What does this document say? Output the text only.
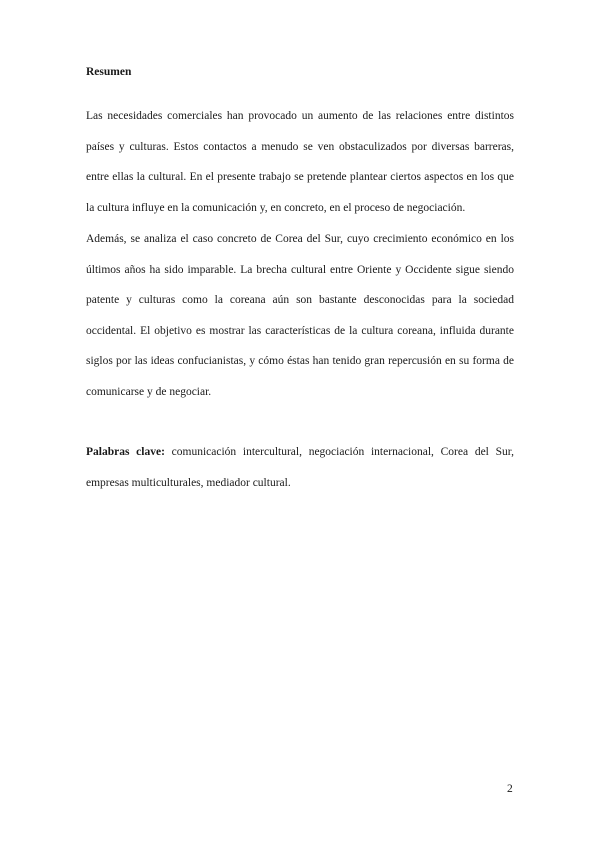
Resumen

Las necesidades comerciales han provocado un aumento de las relaciones entre distintos países y culturas. Estos contactos a menudo se ven obstaculizados por diversas barreras, entre ellas la cultural. En el presente trabajo se pretende plantear ciertos aspectos en los que la cultura influye en la comunicación y, en concreto, en el proceso de negociación.

Además, se analiza el caso concreto de Corea del Sur, cuyo crecimiento económico en los últimos años ha sido imparable. La brecha cultural entre Oriente y Occidente sigue siendo patente y culturas como la coreana aún son bastante desconocidas para la sociedad occidental. El objetivo es mostrar las características de la cultura coreana, influida durante siglos por las ideas confucianistas, y cómo éstas han tenido gran repercusión en su forma de comunicarse y de negociar.

Palabras clave: comunicación intercultural, negociación internacional, Corea del Sur, empresas multiculturales, mediador cultural.

2
